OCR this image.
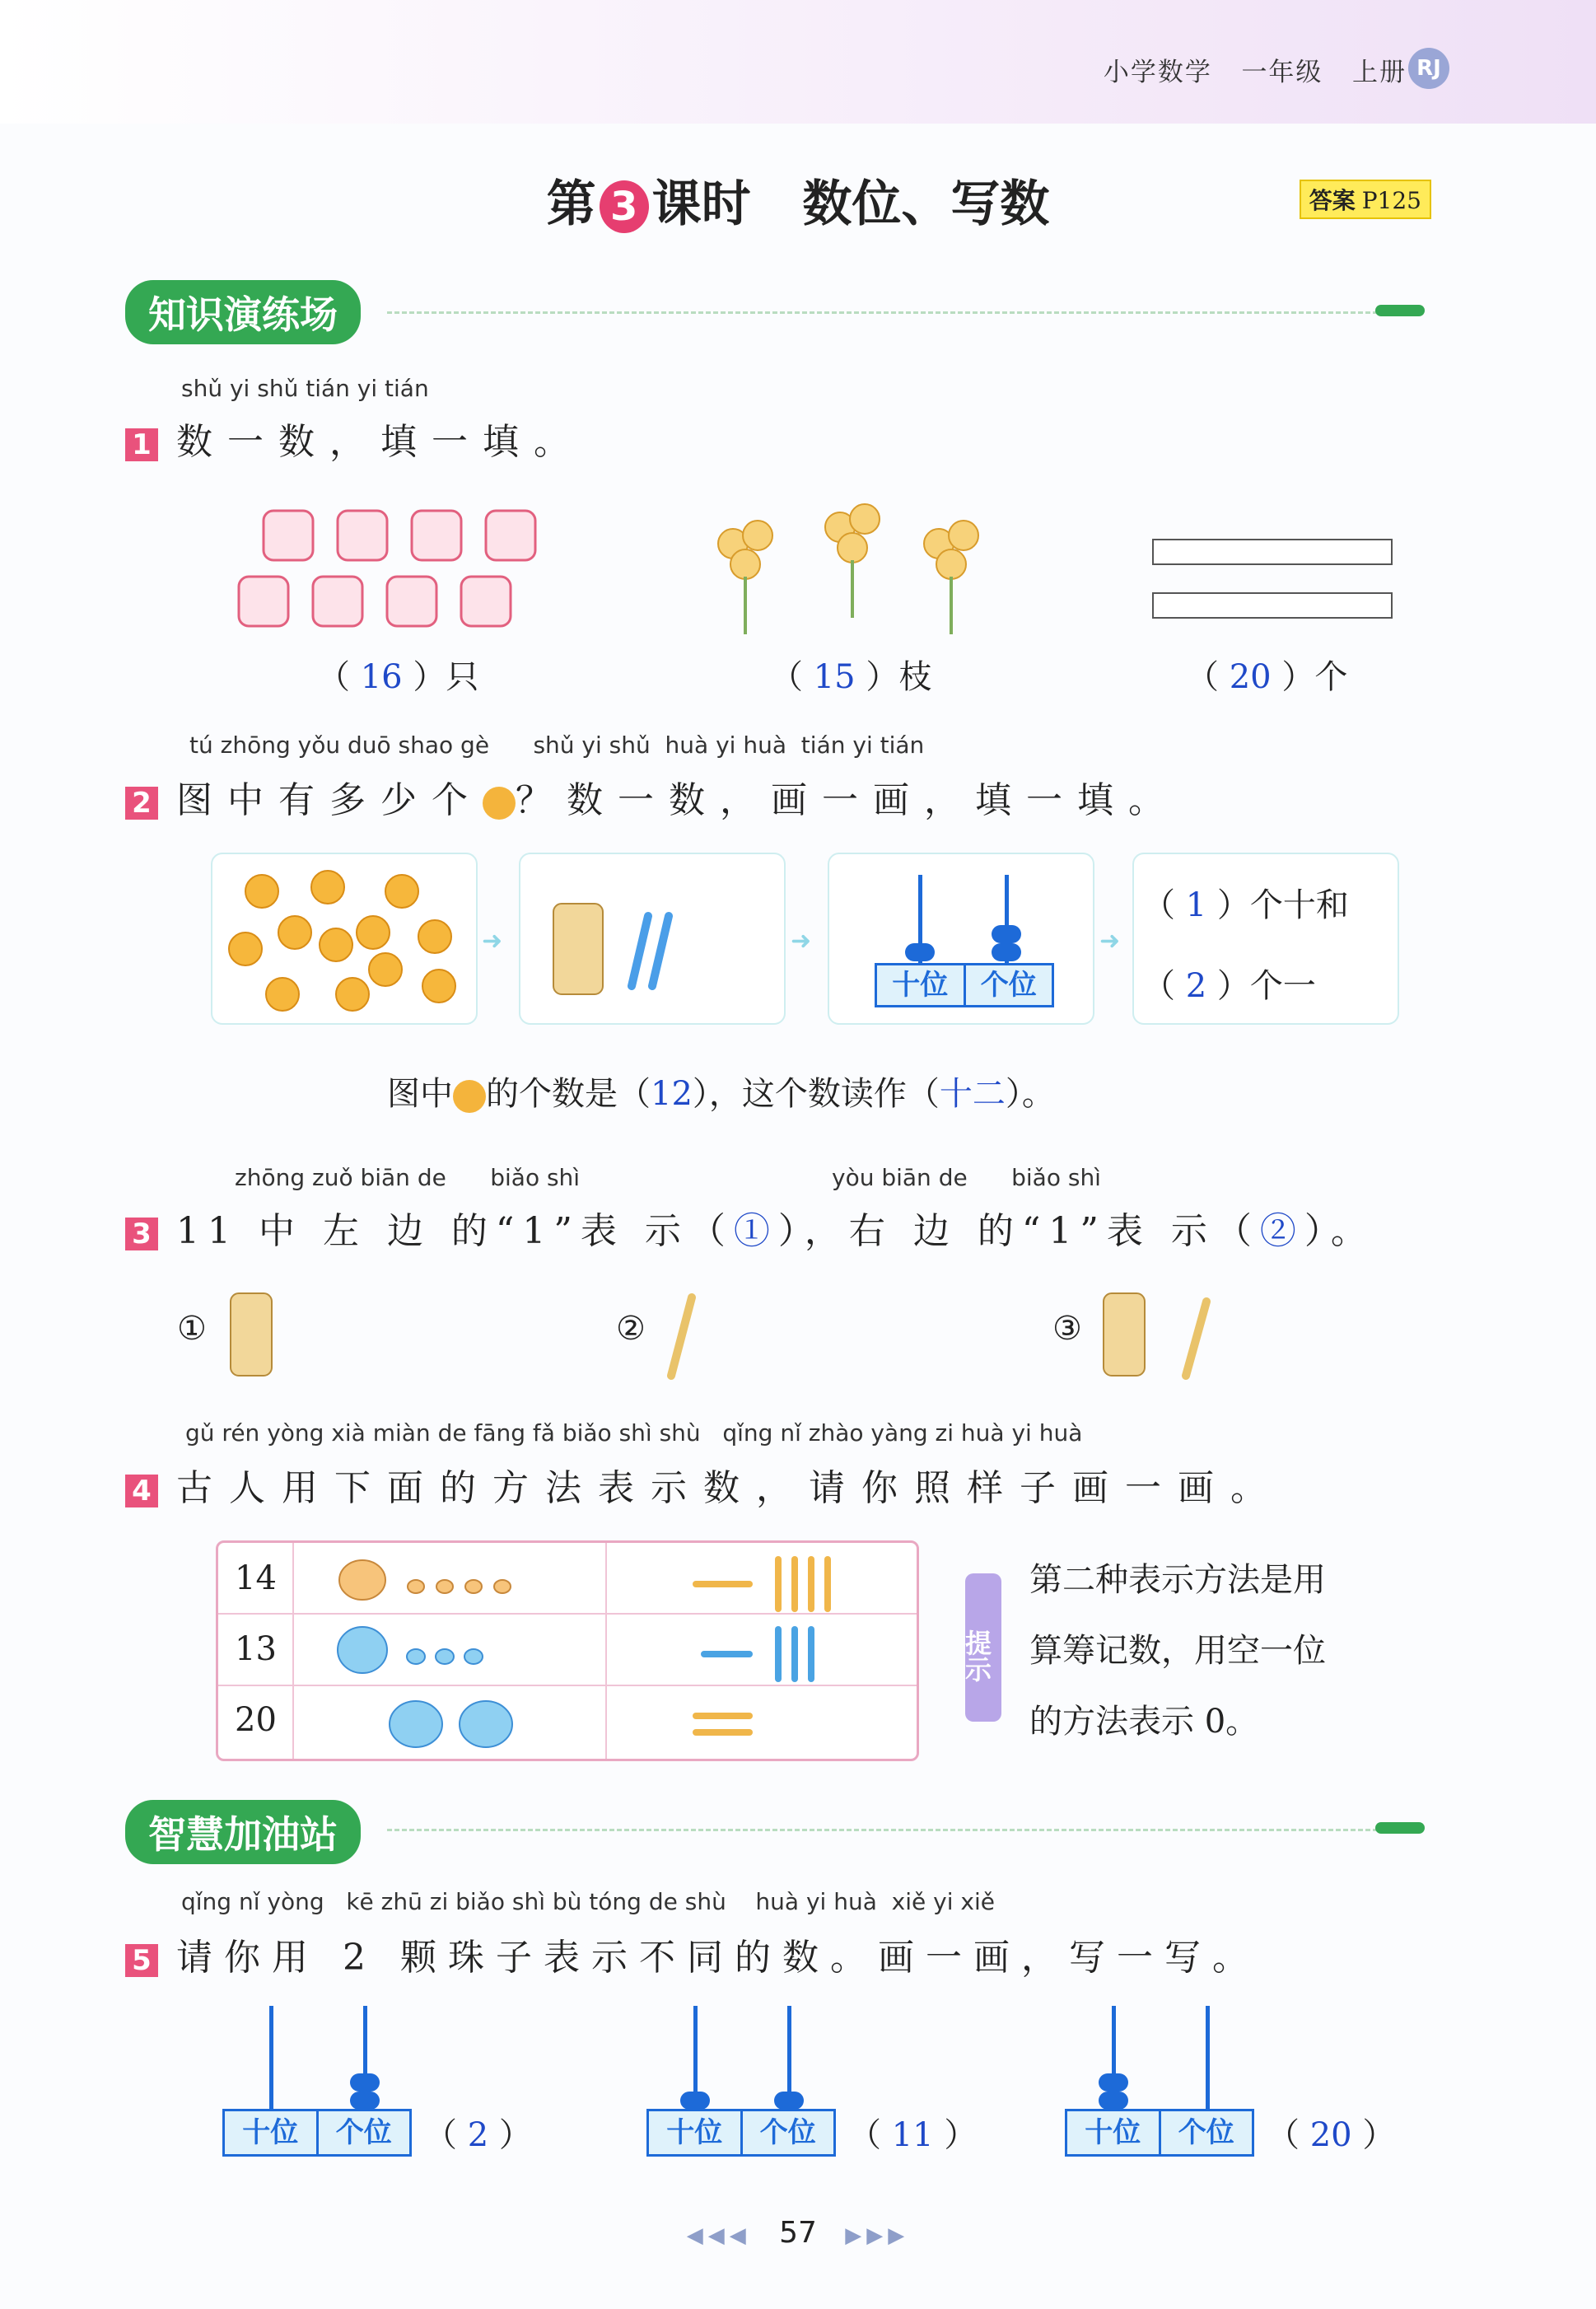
小学数学 一年级 上册 RJ
第 3 课时 数位、写数	答案 P125
知识演练场
shǔ yi shǔ tián yi tián
1 数一数，填一填。
（ 16 ）只	（ 15 ）枝	（ 20 ）个
tú zhōng yǒu duō shao gè      shǔ yi shǔ  huà yi huà  tián yi tián
2 图中有多少个 ？数一数，画一画，填一填。
➜	➜
十位	个位
➜
（ 1 ）个十和
（ 2 ）个一
图中 的个数是（12），这个数读作（十二）。
zhōng zuǒ biān de      biǎo shì	yòu biān de      biǎo shì
3 11 中 左 边 的“1”表 示（①），右 边 的“1”表 示（②）。
①	②	③
gǔ rén yòng xià miàn de fāng fǎ biǎo shì shù   qǐng nǐ zhào yàng zi huà yi huà
4 古人用下面的方法表示数，请你照样子画一画。
14
13
20
提示
第二种表示方法是用
算筹记数，用空一位
的方法表示 0。
智慧加油站
qǐng nǐ yòng   kē zhū zi biǎo shì bù tóng de shù    huà yi huà  xiě yi xiě
5 请你用 2 颗珠子表示不同的数。画一画，写一写。
十位	个位 （ 2 ）	十位	个位 （ 11 ）	十位	个位 （ 20 ）
◀◀◀ 57 ▶▶▶
